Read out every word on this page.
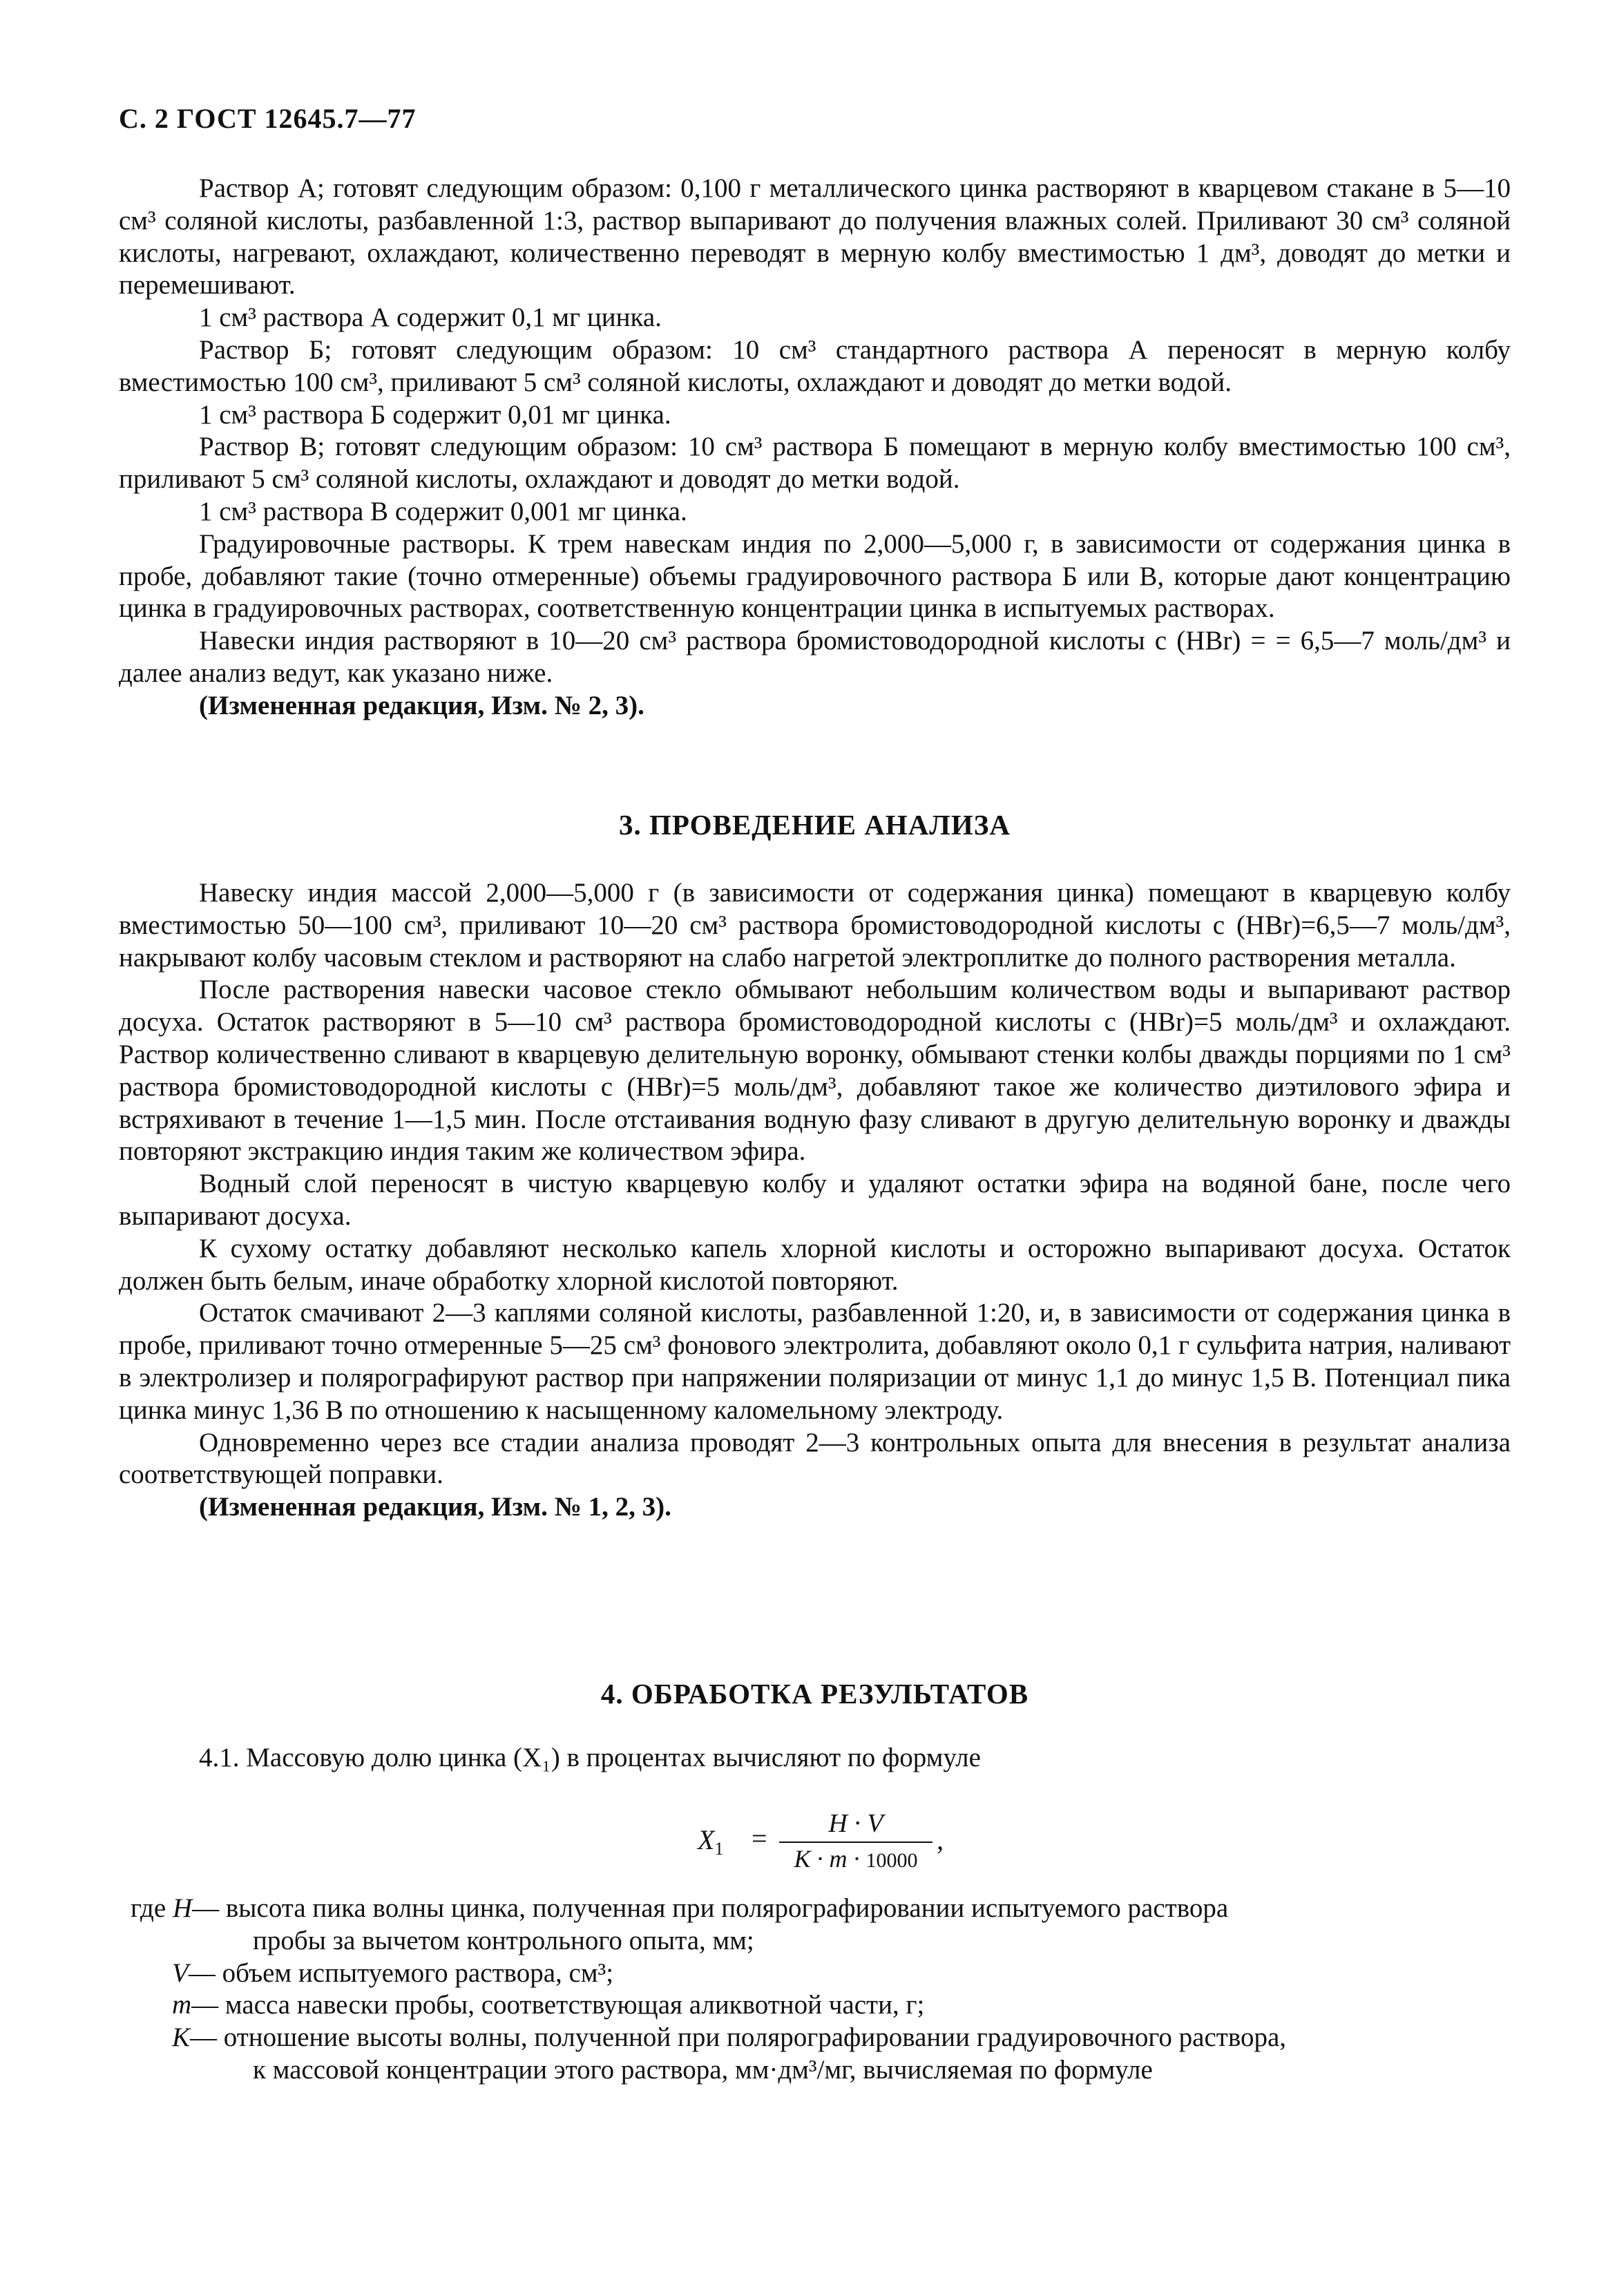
С. 2 ГОСТ 12645.7—77

Раствор А; готовят следующим образом: 0,100 г металлического цинка растворяют в кварцевом стакане в 5—10 см³ соляной кислоты, разбавленной 1:3, раствор выпаривают до получения влажных солей. Приливают 30 см³ соляной кислоты, нагревают, охлаждают, количественно переводят в мерную колбу вместимостью 1 дм³, доводят до метки и перемешивают.

1 см³ раствора А содержит 0,1 мг цинка.

Раствор Б; готовят следующим образом: 10 см³ стандартного раствора А переносят в мерную колбу вместимостью 100 см³, приливают 5 см³ соляной кислоты, охлаждают и доводят до метки водой.

1 см³ раствора Б содержит 0,01 мг цинка.

Раствор В; готовят следующим образом: 10 см³ раствора Б помещают в мерную колбу вместимостью 100 см³, приливают 5 см³ соляной кислоты, охлаждают и доводят до метки водой.

1 см³ раствора В содержит 0,001 мг цинка.

Градуировочные растворы. К трем навескам индия по 2,000—5,000 г, в зависимости от содержания цинка в пробе, добавляют такие (точно отмеренные) объемы градуировочного раствора Б или В, которые дают концентрацию цинка в градуировочных растворах, соответственную концентрации цинка в испытуемых растворах.

Навески индия растворяют в 10—20 см³ раствора бромистоводородной кислоты c (HBr) = = 6,5—7 моль/дм³ и далее анализ ведут, как указано ниже.

(Измененная редакция, Изм. № 2, 3).

3. ПРОВЕДЕНИЕ АНАЛИЗА

Навеску индия массой 2,000—5,000 г (в зависимости от содержания цинка) помещают в кварцевую колбу вместимостью 50—100 см³, приливают 10—20 см³ раствора бромистоводородной кислоты c (HBr)=6,5—7 моль/дм³, накрывают колбу часовым стеклом и растворяют на слабо нагретой электроплитке до полного растворения металла.

После растворения навески часовое стекло обмывают небольшим количеством воды и выпаривают раствор досуха. Остаток растворяют в 5—10 см³ раствора бромистоводородной кислоты c (HBr)=5 моль/дм³ и охлаждают. Раствор количественно сливают в кварцевую делительную воронку, обмывают стенки колбы дважды порциями по 1 см³ раствора бромистоводородной кислоты c (HBr)=5 моль/дм³, добавляют такое же количество диэтилового эфира и встряхивают в течение 1—1,5 мин. После отстаивания водную фазу сливают в другую делительную воронку и дважды повторяют экстракцию индия таким же количеством эфира.

Водный слой переносят в чистую кварцевую колбу и удаляют остатки эфира на водяной бане, после чего выпаривают досуха.

К сухому остатку добавляют несколько капель хлорной кислоты и осторожно выпаривают досуха. Остаток должен быть белым, иначе обработку хлорной кислотой повторяют.

Остаток смачивают 2—3 каплями соляной кислоты, разбавленной 1:20, и, в зависимости от содержания цинка в пробе, приливают точно отмеренные 5—25 см³ фонового электролита, добавляют около 0,1 г сульфита натрия, наливают в электролизер и полярографируют раствор при напряжении поляризации от минус 1,1 до минус 1,5 В. Потенциал пика цинка минус 1,36 В по отношению к насыщенному каломельному электроду.

Одновременно через все стадии анализа проводят 2—3 контрольных опыта для внесения в результат анализа соответствующей поправки.

(Измененная редакция, Изм. № 1, 2, 3).

4. ОБРАБОТКА РЕЗУЛЬТАТОВ

4.1. Массовую долю цинка (X₁) в процентах вычисляют по формуле

$X_1$ =	H · V
K · m · 10000
,
где H— высота пика волны цинка, полученная при полярографировании испытуемого раствора
пробы за вычетом контрольного опыта, мм;
V— объем испытуемого раствора, см³;
m— масса навески пробы, соответствующая аликвотной части, г;
K— отношение высоты волны, полученной при полярографировании градуировочного раствора,
к массовой концентрации этого раствора, мм·дм³/мг, вычисляемая по формуле
